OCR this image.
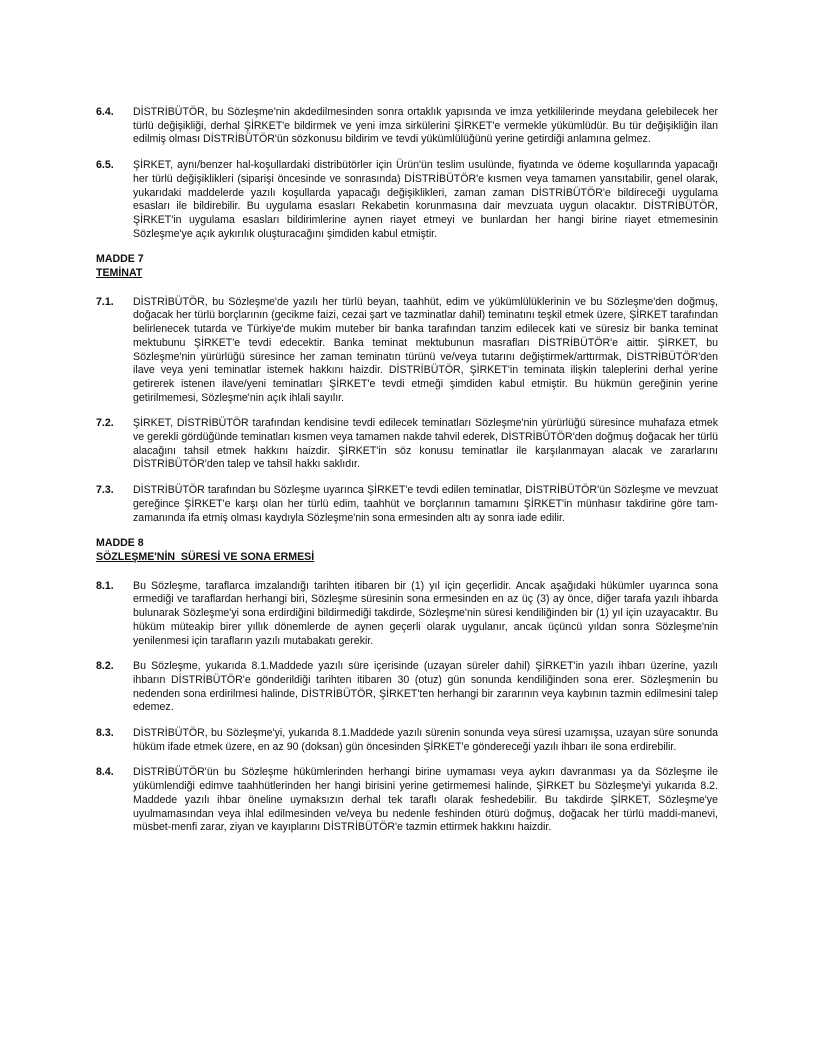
6.4.	DİSTRİBÜTÖR, bu Sözleşme'nin akdedilmesinden sonra ortaklık yapısında ve imza yetkililerinde meydana gelebilecek her türlü değişikliği, derhal ŞİRKET'e bildirmek ve yeni imza sirkülerini ŞİRKET'e vermekle yükümlüdür. Bu tür değişikliğin ilan edilmiş olması DİSTRİBÜTÖR'ün sözkonusu bildirim ve tevdi yükümlülüğünü yerine getirdiği anlamına gelmez.
6.5.	ŞİRKET, aynı/benzer hal-koşullardaki distribütörler için Ürün'ün teslim usulünde, fiyatında ve ödeme koşullarında yapacağı her türlü değişiklikleri (siparişi öncesinde ve sonrasında) DİSTRİBÜTÖR'e kısmen veya tamamen yansıtabilir, genel olarak, yukarıdaki maddelerde yazılı koşullarda yapacağı değişiklikleri, zaman zaman DİSTRİBÜTÖR'e bildireceği uygulama esasları ile bildirebilir. Bu uygulama esasları Rekabetin korunmasına dair mevzuata uygun olacaktır. DİSTRİBÜTÖR, ŞİRKET'in uygulama esasları bildirimlerine aynen riayet etmeyi ve bunlardan her hangi birine riayet etmemesinin Sözleşme'ye açık aykırılık oluşturacağını şimdiden kabul etmiştir.
MADDE 7
TEMİNAT
7.1.	DİSTRİBÜTÖR, bu Sözleşme'de yazılı her türlü beyan, taahhüt, edim ve yükümlülüklerinin ve bu Sözleşme'den doğmuş, doğacak her türlü borçlarının (gecikme faizi, cezai şart ve tazminatlar dahil) teminatını teşkil etmek üzere, ŞİRKET tarafından belirlenecek tutarda ve Türkiye'de mukim muteber bir banka tarafından tanzim edilecek kati ve süresiz bir banka teminat mektubunu ŞİRKET'e tevdi edecektir. Banka teminat mektubunun masrafları DİSTRİBÜTÖR'e aittir. ŞİRKET, bu Sözleşme'nin yürürlüğü süresince her zaman teminatın türünü ve/veya tutarını değiştirmek/arttırmak, DİSTRİBÜTÖR'den ilave veya yeni teminatlar istemek hakkını haizdir. DİSTRİBÜTÖR, ŞİRKET'in teminata ilişkin taleplerini derhal yerine getirerek istenen ilave/yeni teminatları ŞİRKET'e tevdi etmeği şimdiden kabul etmiştir. Bu hükmün gereğinin yerine getirilmemesi, Sözleşme'nin açık ihlali sayılır.
7.2.	ŞİRKET, DİSTRİBÜTÖR tarafından kendisine tevdi edilecek teminatları Sözleşme'nin yürürlüğü süresince muhafaza etmek ve gerekli gördüğünde teminatları kısmen veya tamamen nakde tahvil ederek, DİSTRİBÜTÖR'den doğmuş doğacak her türlü alacağını tahsil etmek hakkını haizdir. ŞİRKET'in söz konusu teminatlar ile karşılanmayan alacak ve zararlarını DİSTRİBÜTÖR'den talep ve tahsil hakkı saklıdır.
7.3.	DİSTRİBÜTÖR tarafından bu Sözleşme uyarınca ŞİRKET'e tevdi edilen teminatlar, DİSTRİBÜTÖR'ün Sözleşme ve mevzuat gereğince ŞİRKET'e karşı olan her türlü edim, taahhüt ve borçlarının tamamını ŞİRKET'in münhasır takdirine göre tam-zamanında ifa etmiş olması kaydıyla Sözleşme'nin sona ermesinden altı ay sonra iade edilir.
MADDE 8
SÖZLEŞME'NİN  SÜRESİ VE SONA ERMESİ
8.1.	Bu Sözleşme, taraflarca imzalandığı tarihten itibaren bir (1) yıl için geçerlidir. Ancak aşağıdaki hükümler uyarınca sona ermediği ve taraflardan herhangi biri, Sözleşme süresinin sona ermesinden en az üç (3) ay önce, diğer tarafa yazılı ihbarda bulunarak Sözleşme'yi sona erdirdiğini bildirmediği takdirde, Sözleşme'nin süresi kendiliğinden bir (1) yıl için uzayacaktır. Bu hüküm müteakip birer yıllık dönemlerde de aynen geçerli olarak uygulanır, ancak üçüncü yıldan sonra Sözleşme'nin yenilenmesi için tarafların yazılı mutabakatı gerekir.
8.2.	Bu Sözleşme, yukarıda 8.1.Maddede yazılı süre içerisinde (uzayan süreler dahil) ŞİRKET'in yazılı ihbarı üzerine, yazılı ihbarın DİSTRİBÜTÖR'e gönderildiği tarihten itibaren 30 (otuz) gün sonunda kendiliğinden sona erer. Sözleşmenin bu nedenden sona erdirilmesi halinde, DİSTRİBÜTÖR, ŞİRKET'ten herhangi bir zararının veya kaybının tazmin edilmesini talep edemez.
8.3.	DİSTRİBÜTÖR, bu Sözleşme'yi, yukarıda 8.1.Maddede yazılı sürenin sonunda veya süresi uzamışsa, uzayan süre sonunda hüküm ifade etmek üzere, en az 90 (doksan) gün öncesinden ŞİRKET'e göndereceği yazılı ihbarı ile sona erdirebilir.
8.4.	DİSTRİBÜTÖR'ün bu Sözleşme hükümlerinden herhangi birine uymaması veya aykırı davranması ya da Sözleşme ile yükümlendiği edimve taahhütlerinden her hangi birisini yerine getirmemesi halinde, ŞİRKET bu Sözleşme'yi yukarıda 8.2. Maddede yazılı ihbar öneline uymaksızın derhal tek taraflı olarak feshedebilir. Bu takdirde ŞİRKET, Sözleşme'ye uyulmamasından veya ihlal edilmesinden ve/veya bu nedenle feshinden ötürü doğmuş, doğacak her türlü maddi-manevi, müsbet-menfi zarar, ziyan ve kayıplarını DİSTRİBÜTÖR'e tazmin ettirmek hakkını haizdir.
